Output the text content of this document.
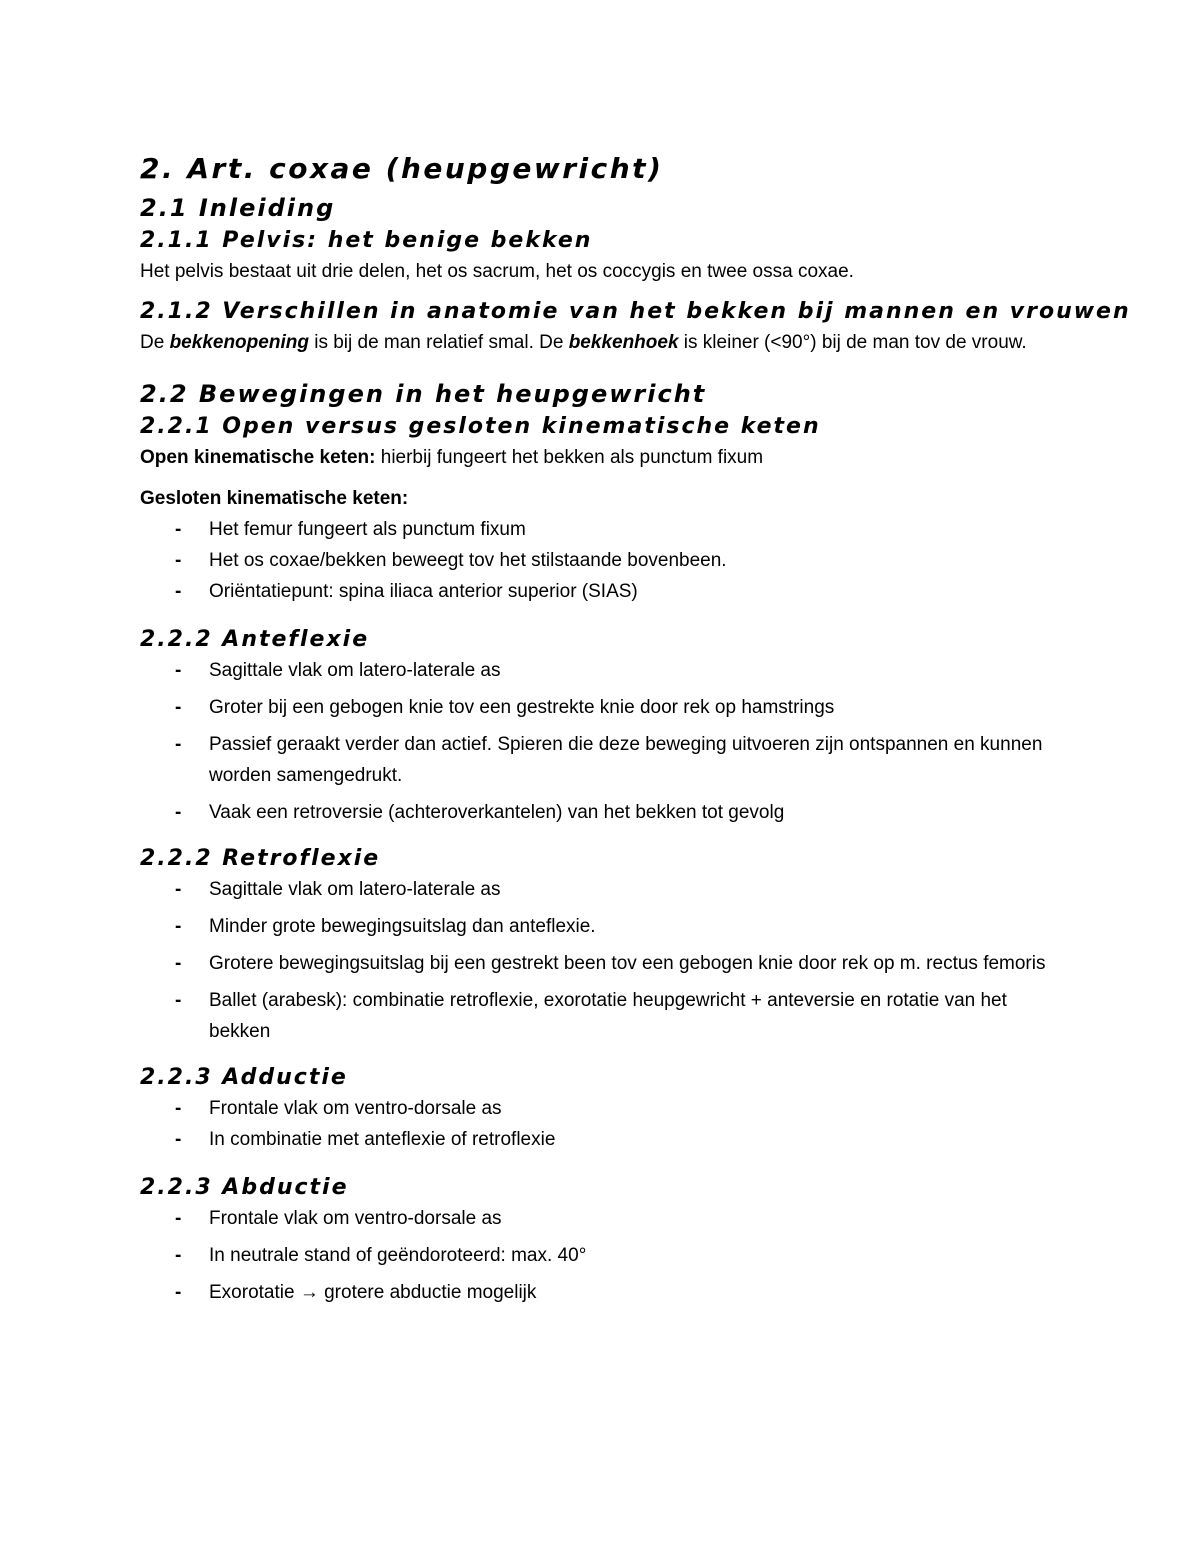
2. Art. coxae (heupgewricht)
2.1 Inleiding
2.1.1 Pelvis: het benige bekken

Het pelvis bestaat uit drie delen, het os sacrum, het os coccygis en twee ossa coxae.

2.1.2 Verschillen in anatomie van het bekken bij mannen en vrouwen

De bekkenopening is bij de man relatief smal. De bekkenhoek is kleiner (<90°) bij de man tov de vrouw.

2.2 Bewegingen in het heupgewricht
2.2.1 Open versus gesloten kinematische keten

Open kinematische keten: hierbij fungeert het bekken als punctum fixum

Gesloten kinematische keten:

- Het femur fungeert als punctum fixum
- Het os coxae/bekken beweegt tov het stilstaande bovenbeen.
- Oriëntatiepunt: spina iliaca anterior superior (SIAS)
2.2.2 Anteflexie
- Sagittale vlak om latero-laterale as
- Groter bij een gebogen knie tov een gestrekte knie door rek op hamstrings
- Passief geraakt verder dan actief. Spieren die deze beweging uitvoeren zijn ontspannen en kunnen worden samengedrukt.
- Vaak een retroversie (achteroverkantelen) van het bekken tot gevolg
2.2.2 Retroflexie
- Sagittale vlak om latero-laterale as
- Minder grote bewegingsuitslag dan anteflexie.
- Grotere bewegingsuitslag bij een gestrekt been tov een gebogen knie door rek op m. rectus femoris
- Ballet (arabesk): combinatie retroflexie, exorotatie heupgewricht + anteversie en rotatie van het bekken
2.2.3 Adductie
- Frontale vlak om ventro-dorsale as
- In combinatie met anteflexie of retroflexie
2.2.3 Abductie
- Frontale vlak om ventro-dorsale as
- In neutrale stand of geëndoroteerd: max. 40°
- Exorotatie → grotere abductie mogelijk
